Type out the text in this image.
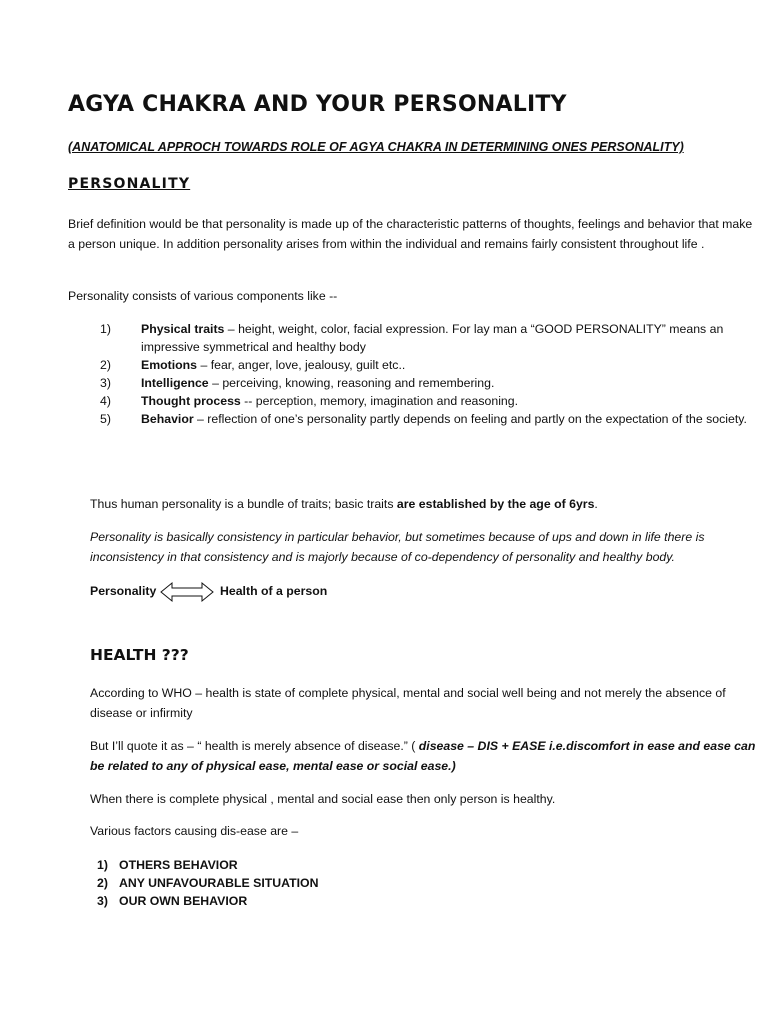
AGYA CHAKRA AND YOUR PERSONALITY

(ANATOMICAL APPROCH TOWARDS ROLE OF AGYA CHAKRA IN DETERMINING ONES PERSONALITY)

PERSONALITY

Brief definition would be that personality is made up of the characteristic patterns of thoughts, feelings and behavior that make a person unique. In addition personality arises from within the individual and remains fairly consistent throughout life .

Personality consists of various components like --

1) Physical traits – height, weight, color, facial expression. For lay man a “GOOD PERSONALITY” means an impressive symmetrical and healthy body
2) Emotions – fear, anger, love, jealousy, guilt etc..
3) Intelligence – perceiving, knowing, reasoning and remembering.
4) Thought process -- perception, memory, imagination and reasoning.
5) Behavior – reflection of one’s personality partly depends on feeling and partly on the expectation of the society.

Thus human personality is a bundle of traits; basic traits are established by the age of 6yrs.

Personality is basically consistency in particular behavior, but sometimes because of ups and down in life there is inconsistency in that consistency and is majorly because of co-dependency of personality and healthy body.

Personality	Health of a person
HEALTH ???

According to WHO – health is state of complete physical, mental and social well being and not merely the absence of disease or infirmity

But I’ll quote it as – “ health is merely absence of disease.” ( disease – DIS + EASE i.e.discomfort in ease and ease can be related to any of physical ease, mental ease or social ease.)

When there is complete physical , mental and social ease then only person is healthy.

Various factors causing dis-ease are –

1) OTHERS BEHAVIOR
2) ANY UNFAVOURABLE SITUATION
3) OUR OWN BEHAVIOR
